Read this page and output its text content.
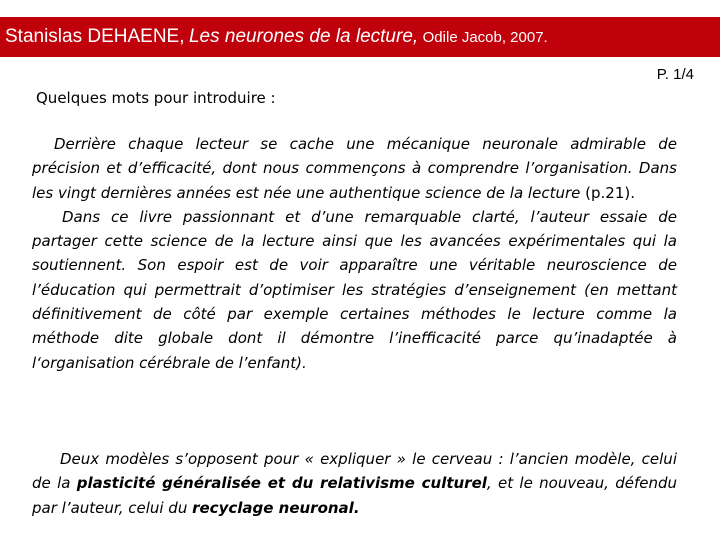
Stanislas DEHAENE, Les neurones de la lecture, Odile Jacob, 2007.
P. 1/4
Quelques mots pour introduire :

Derrière chaque lecteur se cache une mécanique neuronale admirable de précision et d’efficacité, dont nous commençons à comprendre l’organisation. Dans les vingt dernières années est née une authentique science de la lecture (p.21).

Dans ce livre passionnant et d’une remarquable clarté, l’auteur essaie de partager cette science de la lecture ainsi que les avancées expérimentales qui la soutiennent. Son espoir est de voir apparaître une véritable neuroscience de l’éducation qui permettrait d’optimiser les stratégies d’enseignement (en mettant définitivement de côté par exemple certaines méthodes le lecture comme la méthode dite globale dont il démontre l’inefficacité parce qu’inadaptée à l‘organisation cérébrale de l’enfant).

Deux modèles s’opposent pour « expliquer » le cerveau : l’ancien modèle, celui de la plasticité généralisée et du relativisme culturel, et le nouveau, défendu par l’auteur, celui du recyclage neuronal.
